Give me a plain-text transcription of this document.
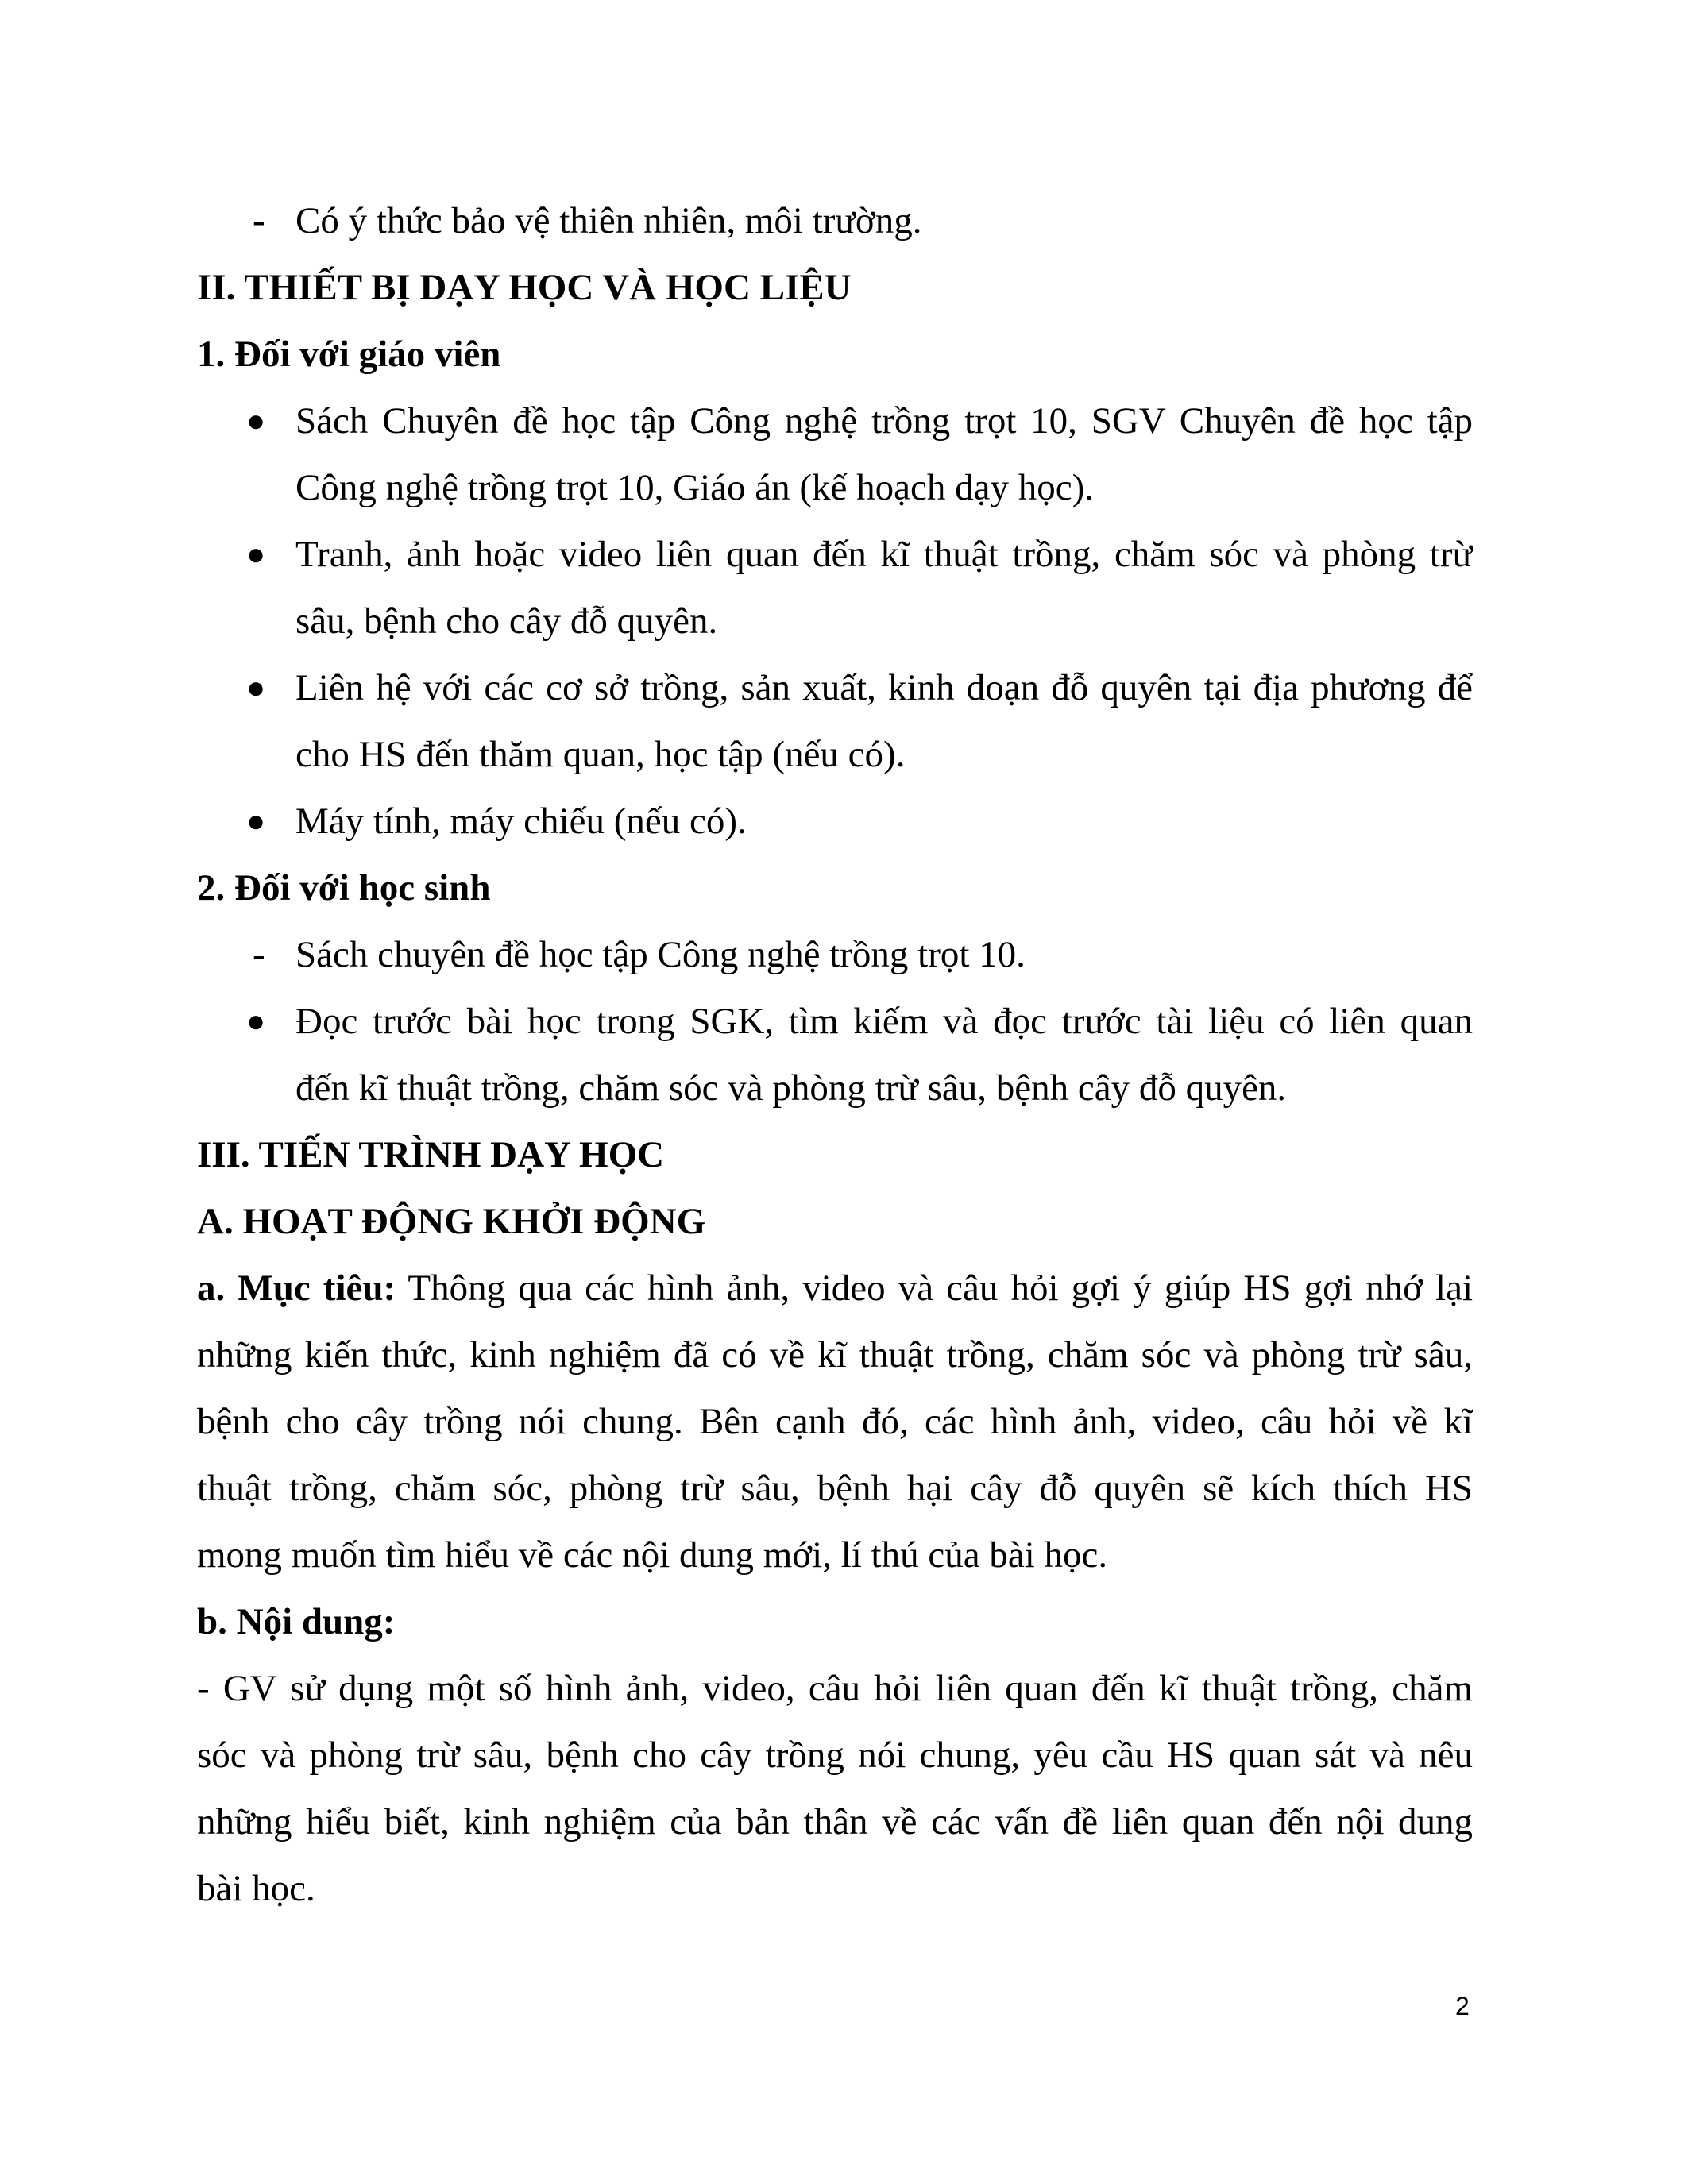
- Có ý thức bảo vệ thiên nhiên, môi trường.
II. THIẾT BỊ DẠY HỌC VÀ HỌC LIỆU
1. Đối với giáo viên
● Sách Chuyên đề học tập Công nghệ trồng trọt 10, SGV Chuyên đề học tập
Công nghệ trồng trọt 10, Giáo án (kế hoạch dạy học).
● Tranh, ảnh hoặc video liên quan đến kĩ thuật trồng, chăm sóc và phòng trừ
sâu, bệnh cho cây đỗ quyên.
● Liên hệ với các cơ sở trồng, sản xuất, kinh doạn đỗ quyên tại địa phương để
cho HS đến thăm quan, học tập (nếu có).
● Máy tính, máy chiếu (nếu có).
2. Đối với học sinh
- Sách chuyên đề học tập Công nghệ trồng trọt 10.
● Đọc trước bài học trong SGK, tìm kiếm và đọc trước tài liệu có liên quan
đến kĩ thuật trồng, chăm sóc và phòng trừ sâu, bệnh cây đỗ quyên.
III. TIẾN TRÌNH DẠY HỌC
A. HOẠT ĐỘNG KHỞI ĐỘNG
a. Mục tiêu: Thông qua các hình ảnh, video và câu hỏi gợi ý giúp HS gợi nhớ lại
những kiến thức, kinh nghiệm đã có về kĩ thuật trồng, chăm sóc và phòng trừ sâu,
bệnh cho cây trồng nói chung. Bên cạnh đó, các hình ảnh, video, câu hỏi về kĩ
thuật trồng, chăm sóc, phòng trừ sâu, bệnh hại cây đỗ quyên sẽ kích thích HS
mong muốn tìm hiểu về các nội dung mới, lí thú của bài học.
b. Nội dung:
- GV sử dụng một số hình ảnh, video, câu hỏi liên quan đến kĩ thuật trồng, chăm
sóc và phòng trừ sâu, bệnh cho cây trồng nói chung, yêu cầu HS quan sát và nêu
những hiểu biết, kinh nghiệm của bản thân về các vấn đề liên quan đến nội dung
bài học.
2
